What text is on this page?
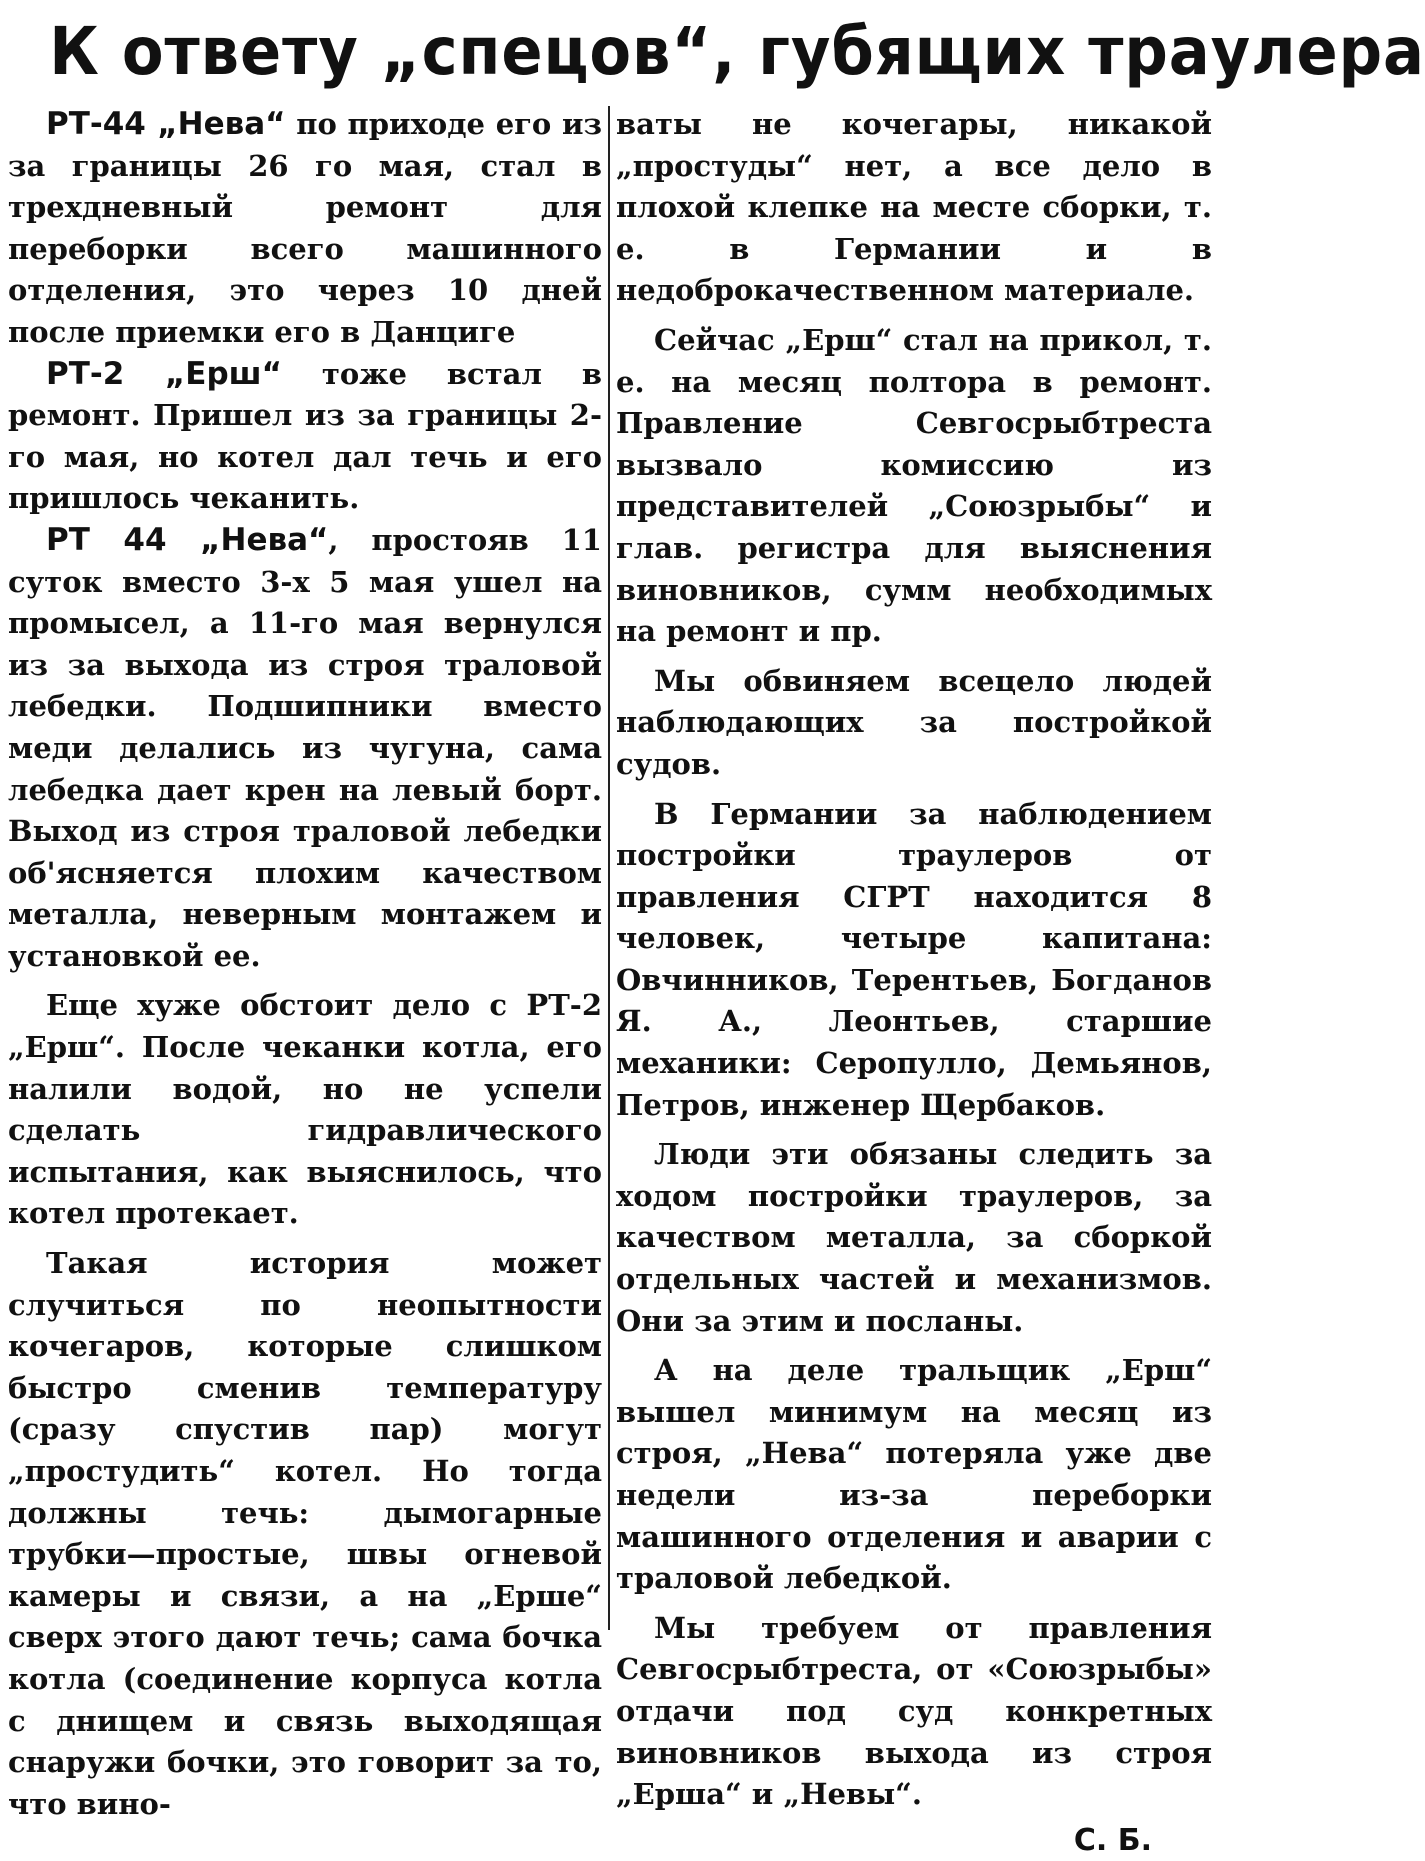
К ответу „спецов“, губящих траулера

РТ-44 „Нева“ по приходе его из за границы 26 го мая, стал в трехдневный ремонт для переборки всего машинного отделения, это через 10 дней после приемки его в Данциге

РТ-2 „Ерш“ тоже встал в ремонт. Пришел из за границы 2-го мая, но котел дал течь и его пришлось чеканить.

РТ 44 „Нева“, простояв 11 суток вместо 3-х 5 мая ушел на промысел, а 11-го мая вернулся из за выхода из строя траловой лебедки. Подшипники вместо меди делались из чугуна, сама лебедка дает крен на левый борт. Выход из строя траловой лебедки об'ясняется плохим качеством металла, неверным монтажем и установкой ее.

Еще хуже обстоит дело с РТ-2 „Ерш“. После чеканки котла, его налили водой, но не успели сделать гидравлического испытания, как выяснилось, что котел протекает.

Такая история может случиться по неопытности кочегаров, которые слишком быстро сменив температуру (сразу спустив пар) могут „простудить“ котел. Но тогда должны течь: дымогарные трубки—простые, швы огневой камеры и связи, а на „Ерше“ сверх этого дают течь; сама бочка котла (соединение корпуса котла с днищем и связь выходящая снаружи бочки, это говорит за то, что вино-

ваты не кочегары, никакой „простуды“ нет, а все дело в плохой клепке на месте сборки, т. е. в Германии и в недоброкачественном материале.

Сейчас „Ерш“ стал на прикол, т. е. на месяц полтора в ремонт. Правление Севгосрыбтреста вызвало комиссию из представителей „Союзрыбы“ и глав. регистра для выяснения виновников, сумм необходимых на ремонт и пр.

Мы обвиняем всецело людей наблюдающих за постройкой судов.

В Германии за наблюдением постройки траулеров от правления СГРТ находится 8 человек, четыре капитана: Овчинников, Терентьев, Богданов Я. А., Леонтьев, старшие механики: Серопулло, Демьянов, Петров, инженер Щербаков.

Люди эти обязаны следить за ходом постройки траулеров, за качеством металла, за сборкой отдельных частей и механизмов. Они за этим и посланы.

А на деле тральщик „Ерш“ вышел минимум на месяц из строя, „Нева“ потеряла уже две недели из-за переборки машинного отделения и аварии с траловой лебедкой.

Мы требуем от правления Севгосрыбтреста, от «Союзрыбы» отдачи под суд конкретных виновников выхода из строя „Ерша“ и „Невы“.

С. Б.
